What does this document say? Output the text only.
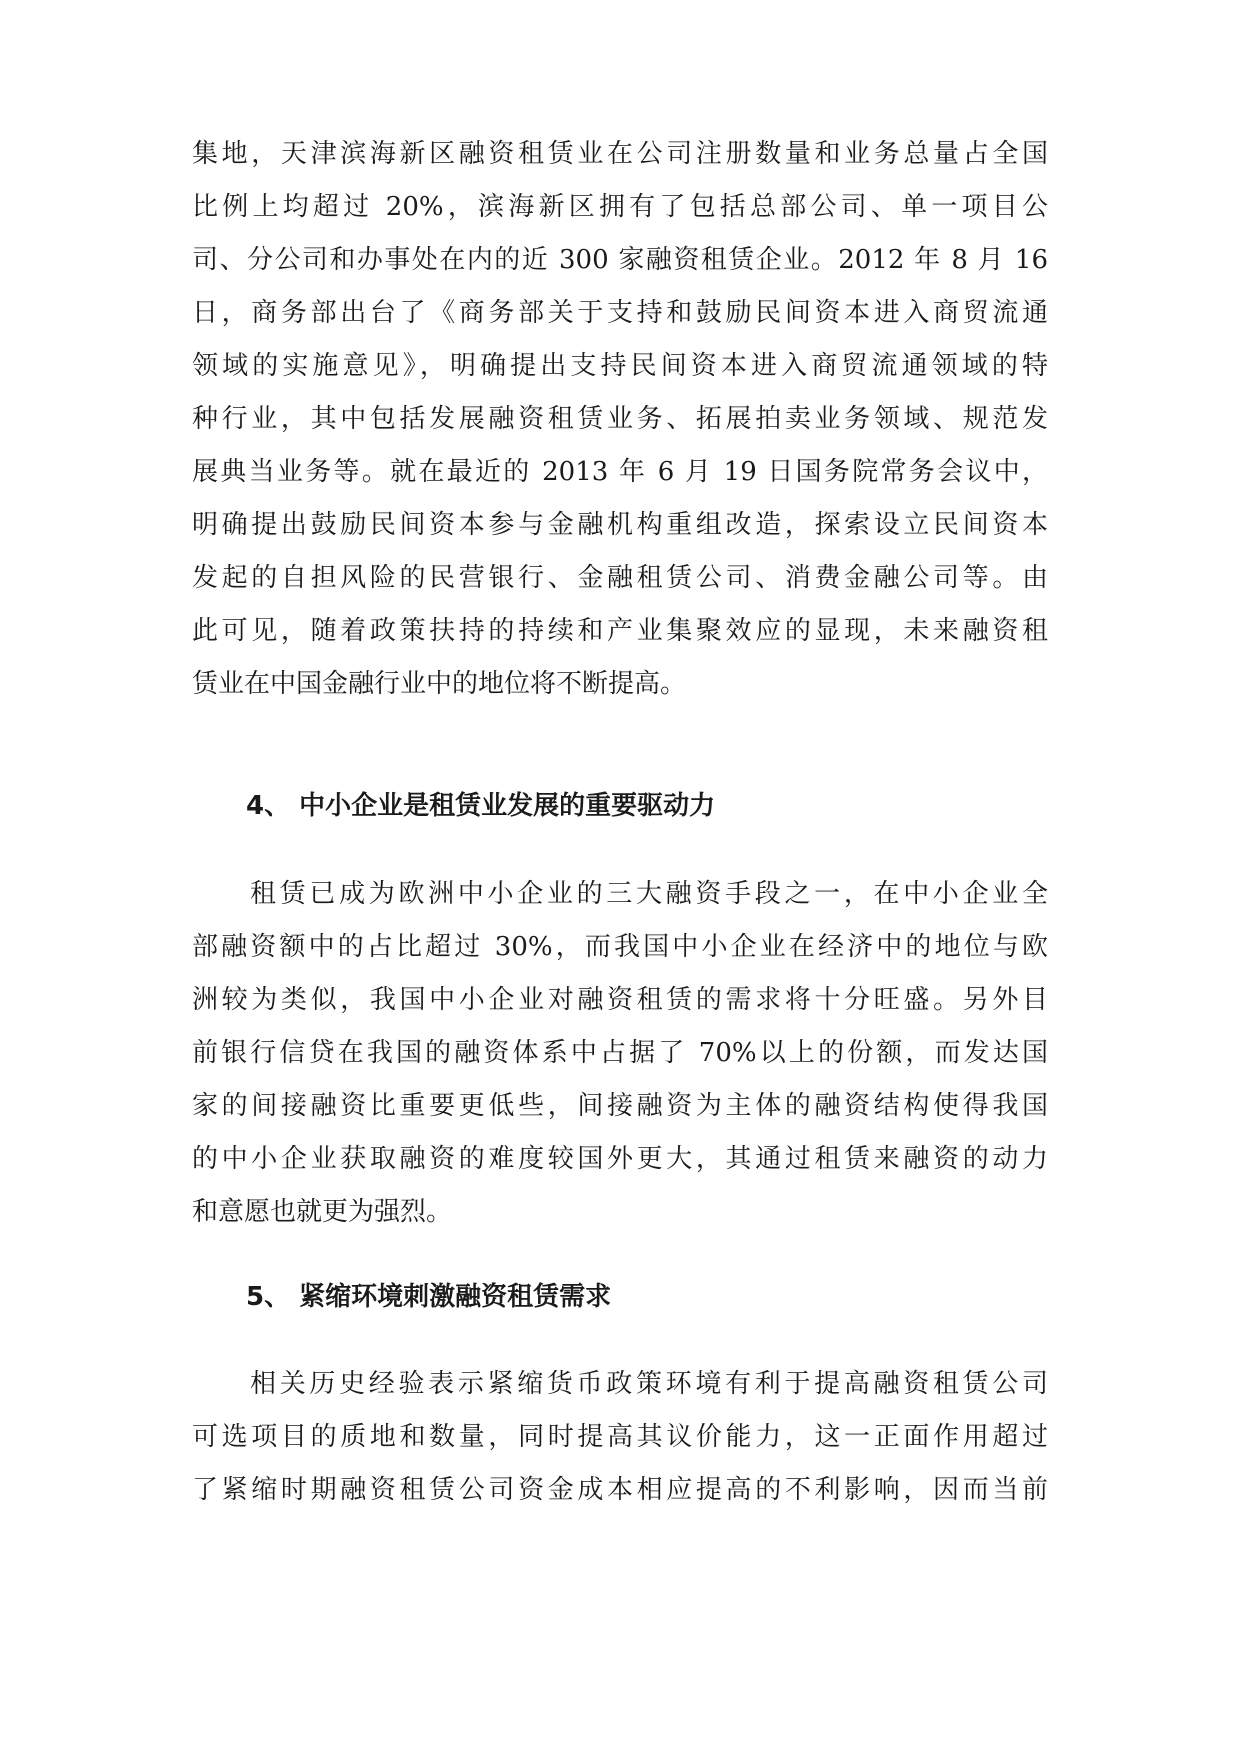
集地，天津滨海新区融资租赁业在公司注册数量和业务总量占全国
比例上均超过 20%，滨海新区拥有了包括总部公司、单一项目公
司、分公司和办事处在内的近 300 家融资租赁企业。2012 年 8 月 16
日，商务部出台了《商务部关于支持和鼓励民间资本进入商贸流通
领域的实施意见》，明确提出支持民间资本进入商贸流通领域的特
种行业，其中包括发展融资租赁业务、拓展拍卖业务领域、规范发
展典当业务等。就在最近的 2013 年 6 月 19 日国务院常务会议中，
明确提出鼓励民间资本参与金融机构重组改造，探索设立民间资本
发起的自担风险的民营银行、金融租赁公司、消费金融公司等。由
此可见，随着政策扶持的持续和产业集聚效应的显现，未来融资租
赁业在中国金融行业中的地位将不断提高。
4、 中小企业是租赁业发展的重要驱动力
租赁已成为欧洲中小企业的三大融资手段之一，在中小企业全
部融资额中的占比超过 30%，而我国中小企业在经济中的地位与欧
洲较为类似，我国中小企业对融资租赁的需求将十分旺盛。另外目
前银行信贷在我国的融资体系中占据了 70%以上的份额，而发达国
家的间接融资比重要更低些，间接融资为主体的融资结构使得我国
的中小企业获取融资的难度较国外更大，其通过租赁来融资的动力
和意愿也就更为强烈。
5、 紧缩环境刺激融资租赁需求
相关历史经验表示紧缩货币政策环境有利于提高融资租赁公司
可选项目的质地和数量，同时提高其议价能力，这一正面作用超过
了紧缩时期融资租赁公司资金成本相应提高的不利影响，因而当前
